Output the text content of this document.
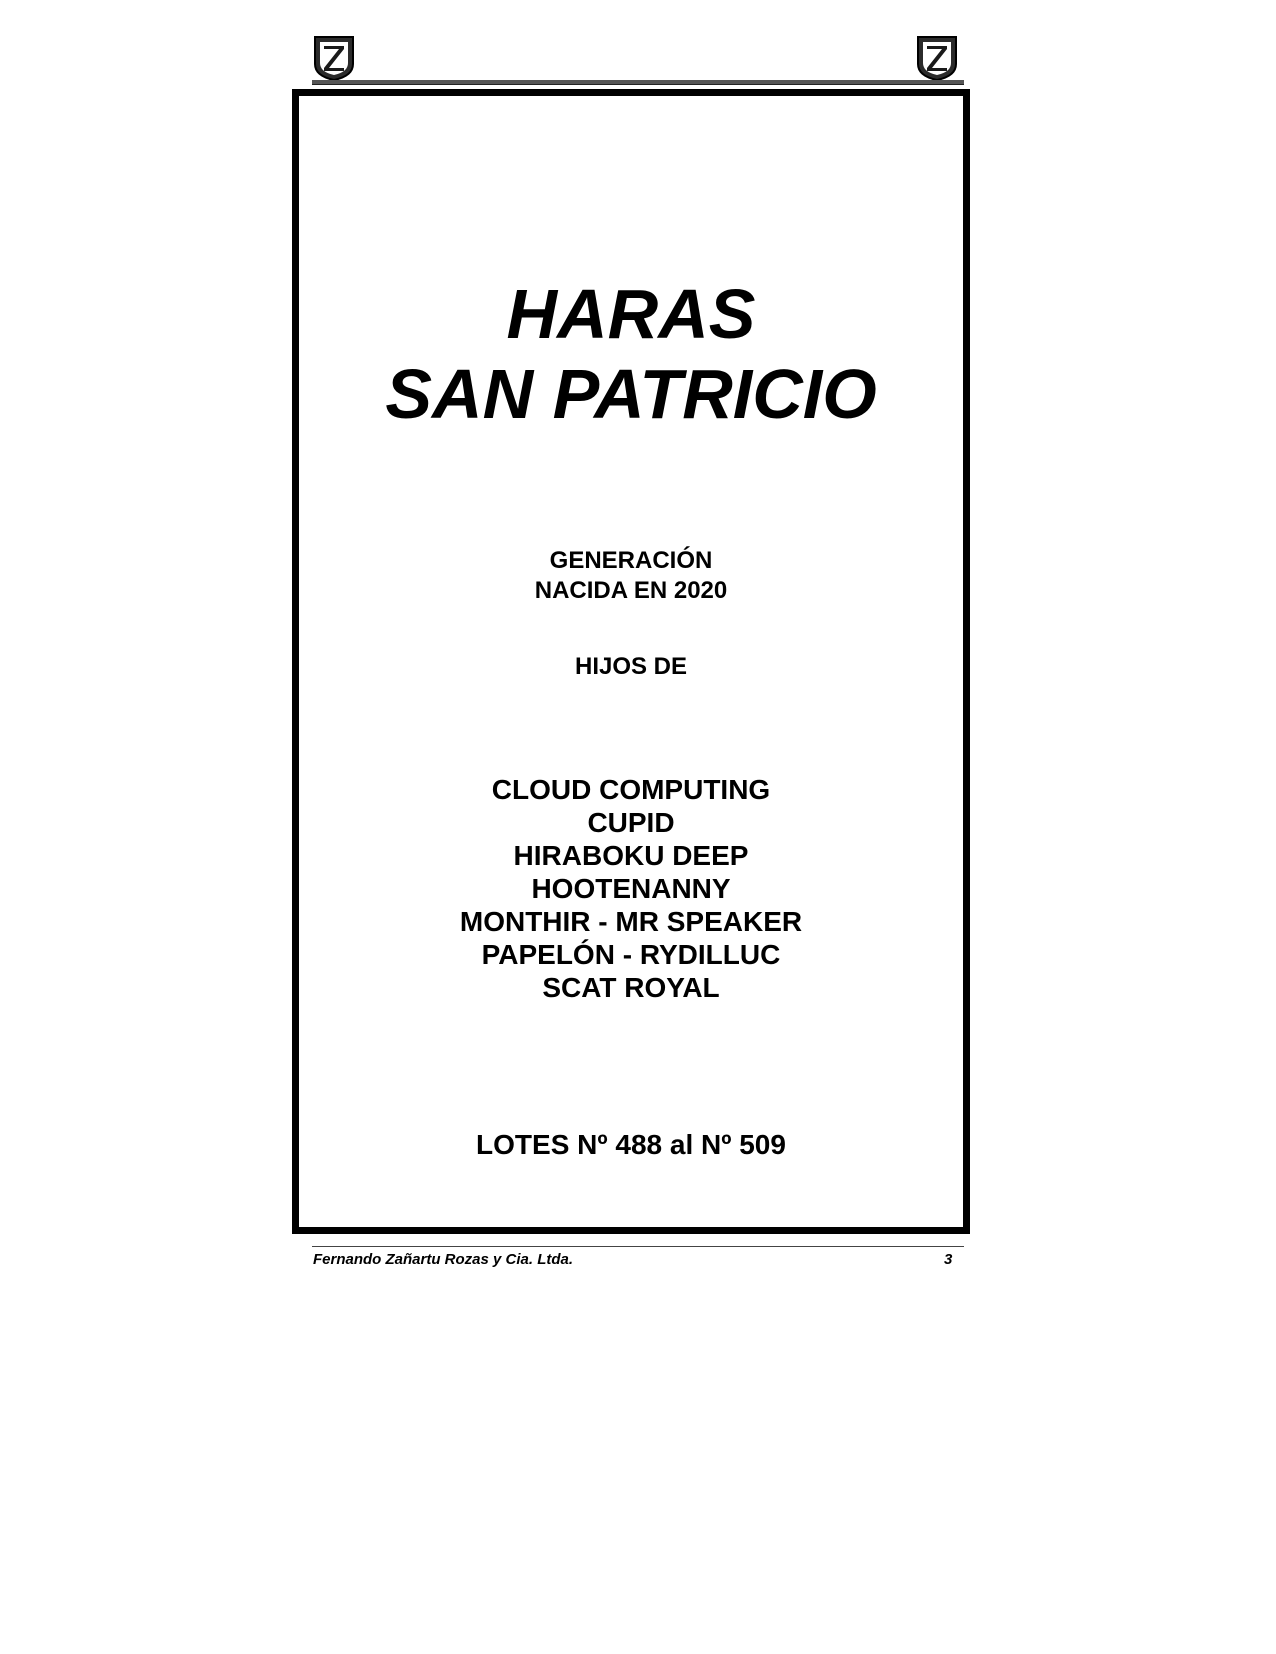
HARAS
SAN PATRICIO
GENERACIÓN
NACIDA EN 2020
HIJOS DE
CLOUD COMPUTING
CUPID
HIRABOKU DEEP
HOOTENANNY
MONTHIR - MR SPEAKER
PAPELÓN - RYDILLUC
SCAT ROYAL
LOTES Nº 488 al Nº 509
Fernando Zañartu Rozas y Cia. Ltda.	3
